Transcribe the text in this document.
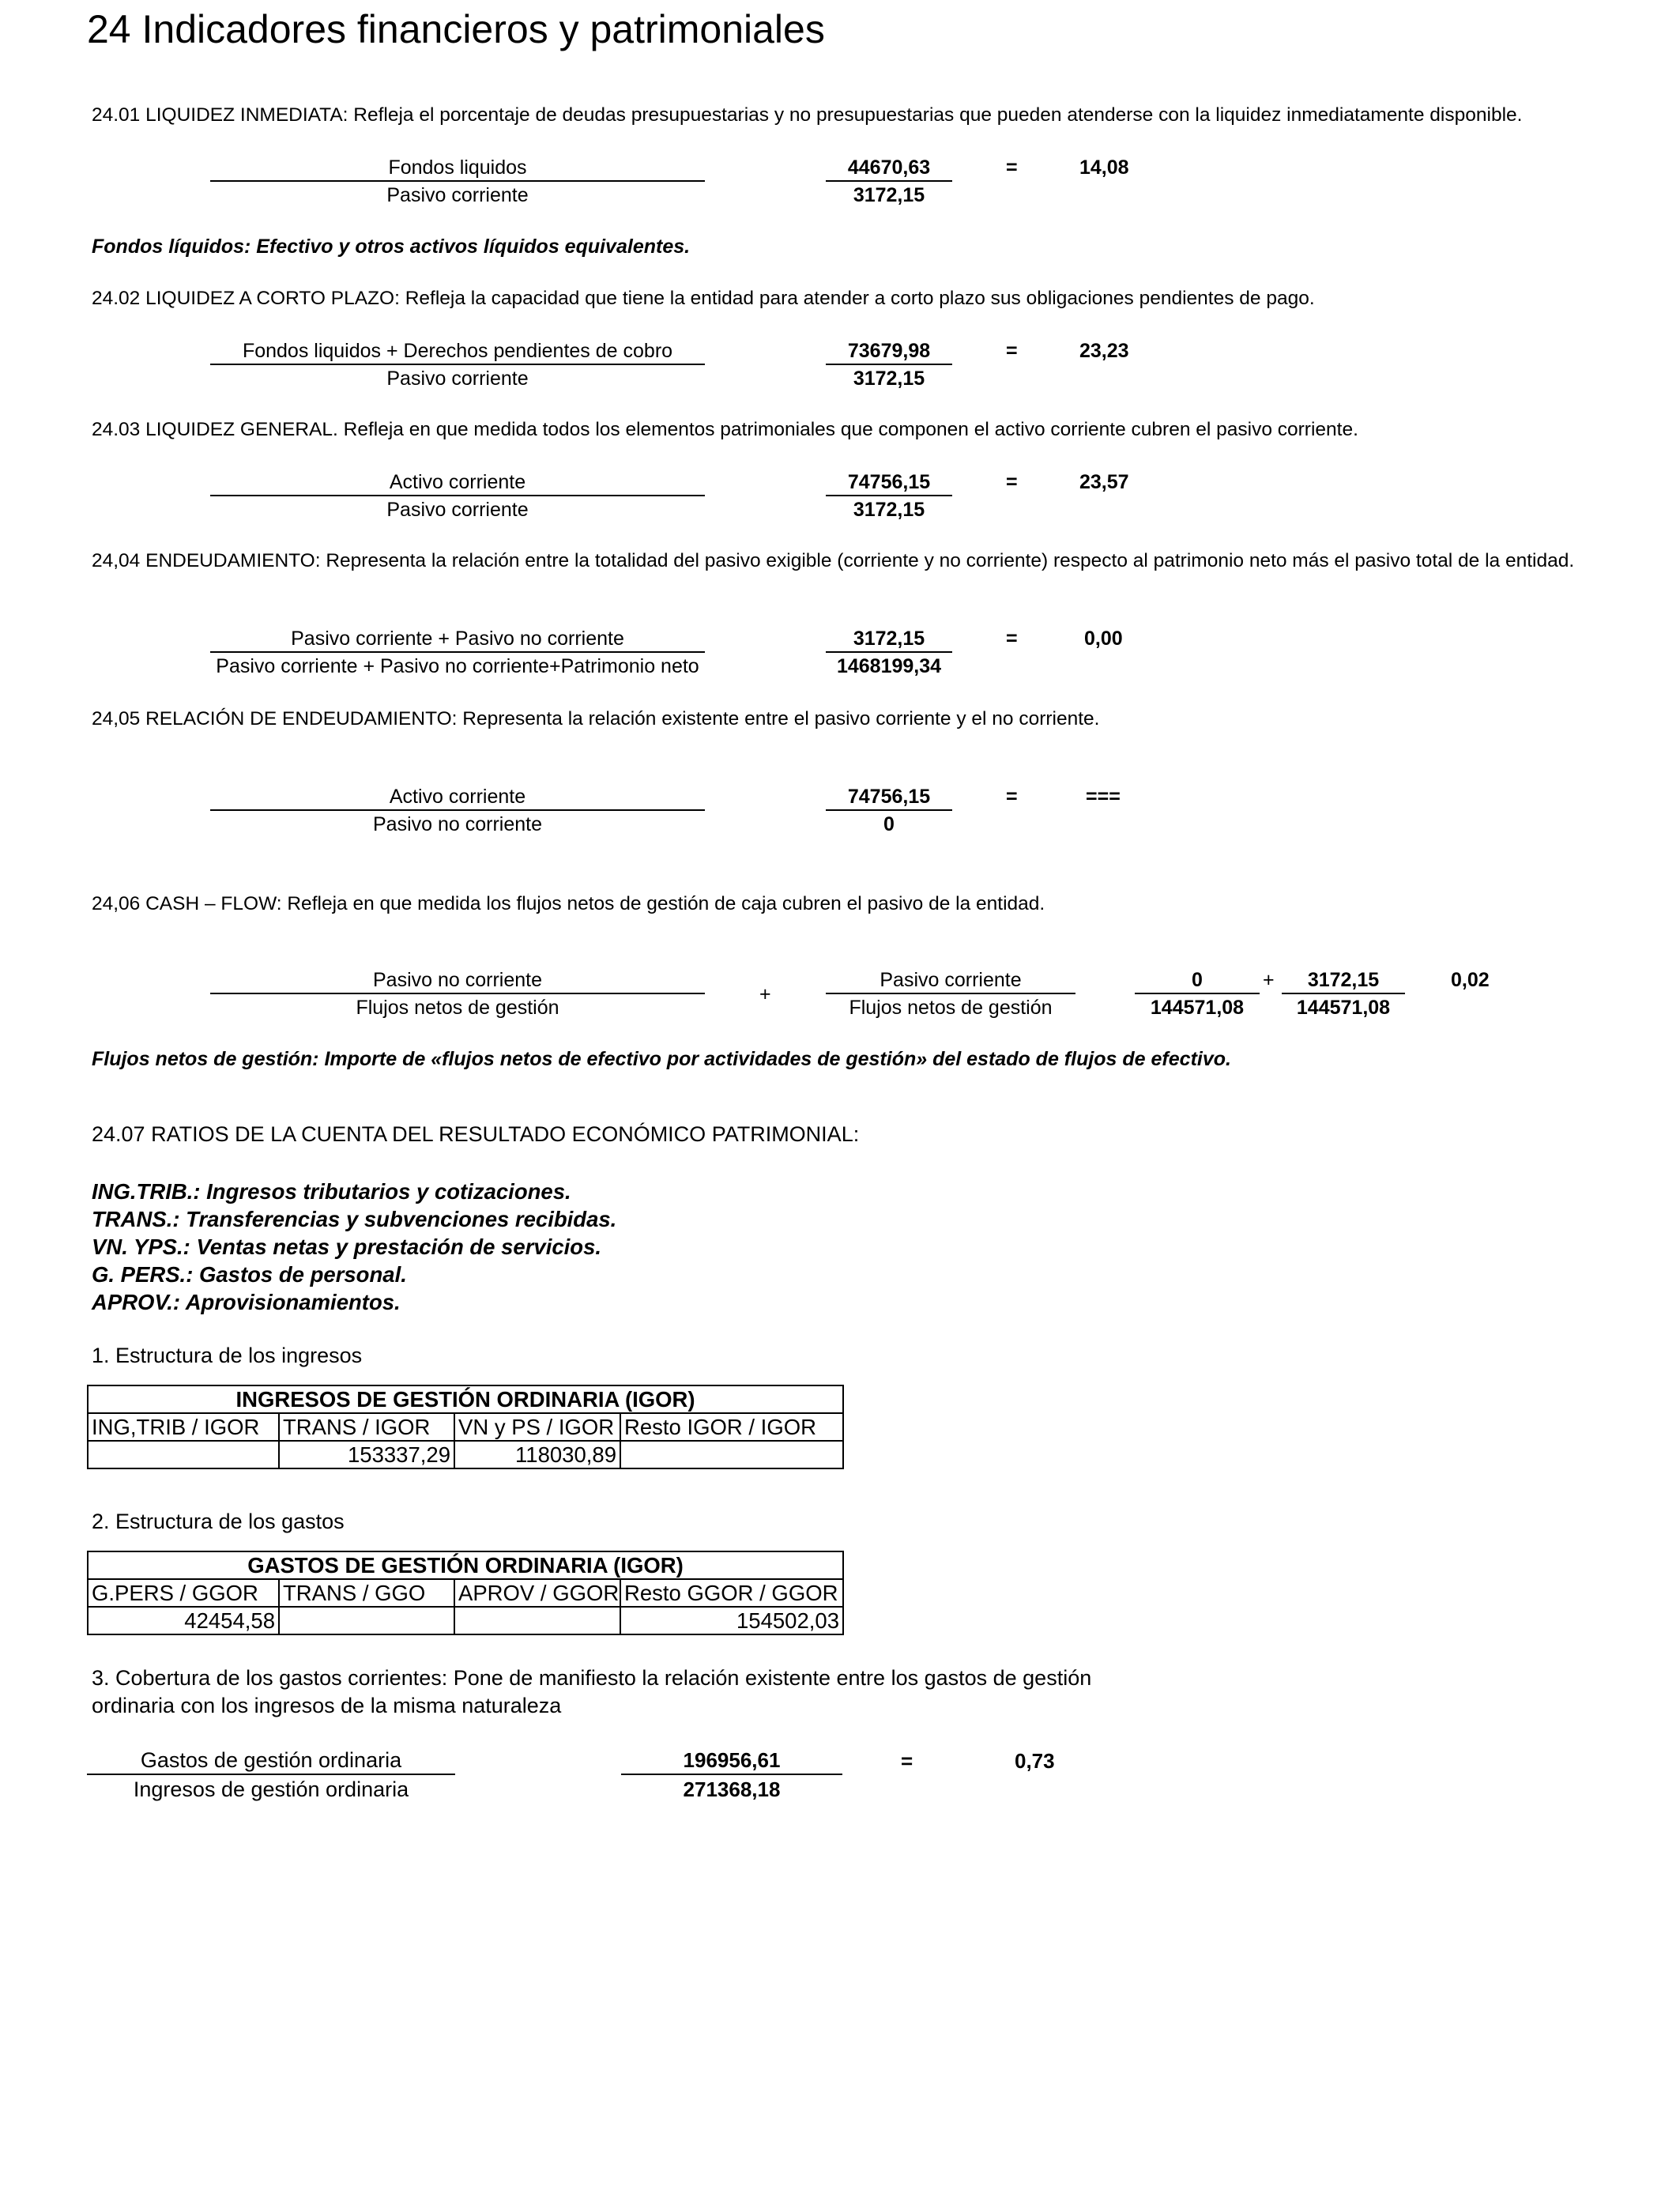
24 Indicadores financieros y patrimoniales
24.01 LIQUIDEZ INMEDIATA: Refleja el porcentaje de deudas presupuestarias y no presupuestarias que pueden atenderse con la liquidez inmediatamente disponible.
Fondos liquidos
Pasivo corriente	$\frac{44670,63}{3172,15}$	=	14,08
Fondos líquidos: Efectivo y otros activos líquidos equivalentes.
24.02 LIQUIDEZ A CORTO PLAZO: Refleja la capacidad que tiene la entidad para atender a corto plazo sus obligaciones pendientes de pago.
Fondos liquidos + Derechos pendientes de cobro
Pasivo corriente	$\frac{73679,98}{3172,15}$	=	23,23
24.03 LIQUIDEZ GENERAL. Refleja en que medida todos los elementos patrimoniales que componen el activo corriente cubren el pasivo corriente.
Activo corriente
Pasivo corriente	$\frac{74756,15}{3172,15}$	=	23,57
24,04 ENDEUDAMIENTO: Representa la relación entre la totalidad del pasivo exigible (corriente y no corriente) respecto al patrimonio neto más el pasivo total de la entidad.
Pasivo corriente + Pasivo no corriente
Pasivo corriente + Pasivo no corriente+Patrimonio neto	$\frac{3172,15}{1468199,34}$	=	0,00
24,05 RELACIÓN DE ENDEUDAMIENTO: Representa la relación existente entre el pasivo corriente y el no corriente.
Activo corriente
Pasivo no corriente	$\frac{74756,15}{0}$	=	===
24,06 CASH – FLOW: Refleja en que medida los flujos netos de gestión de caja cubren el pasivo de la entidad.
Pasivo no corriente
Flujos netos de gestión
+
Pasivo corriente
Flujos netos de gestión	$\frac{0}{144571,08} + \frac{3172,15}{144571,08} 0,02$
Flujos netos de gestión: Importe de «flujos netos de efectivo por actividades de gestión» del estado de flujos de efectivo.
24.07 RATIOS DE LA CUENTA DEL RESULTADO ECONÓMICO PATRIMONIAL:
ING.TRIB.: Ingresos tributarios y cotizaciones.
TRANS.: Transferencias y subvenciones recibidas.
VN. YPS.: Ventas netas y prestación de servicios.
G. PERS.: Gastos de personal.
APROV.: Aprovisionamientos.
1. Estructura de los ingresos
INGRESOS DE GESTIÓN ORDINARIA (IGOR)			
ING,TRIB / IGOR	TRANS / IGOR	VN y PS / IGOR	Resto IGOR / IGOR
	153337,29	118030,89	
2. Estructura de los gastos
GASTOS DE GESTIÓN ORDINARIA (IGOR)			
G.PERS / GGOR	TRANS / GGO	APROV / GGOR	Resto GGOR / GGOR
42454,58			154502,03
3. Cobertura de los gastos corrientes: Pone de manifiesto la relación existente entre los gastos de gestión
ordinaria con los ingresos de la misma naturaleza
Gastos de gestión ordinaria
Ingresos de gestión ordinaria	$\frac{196956,61}{271368,18}$	=	0,73
